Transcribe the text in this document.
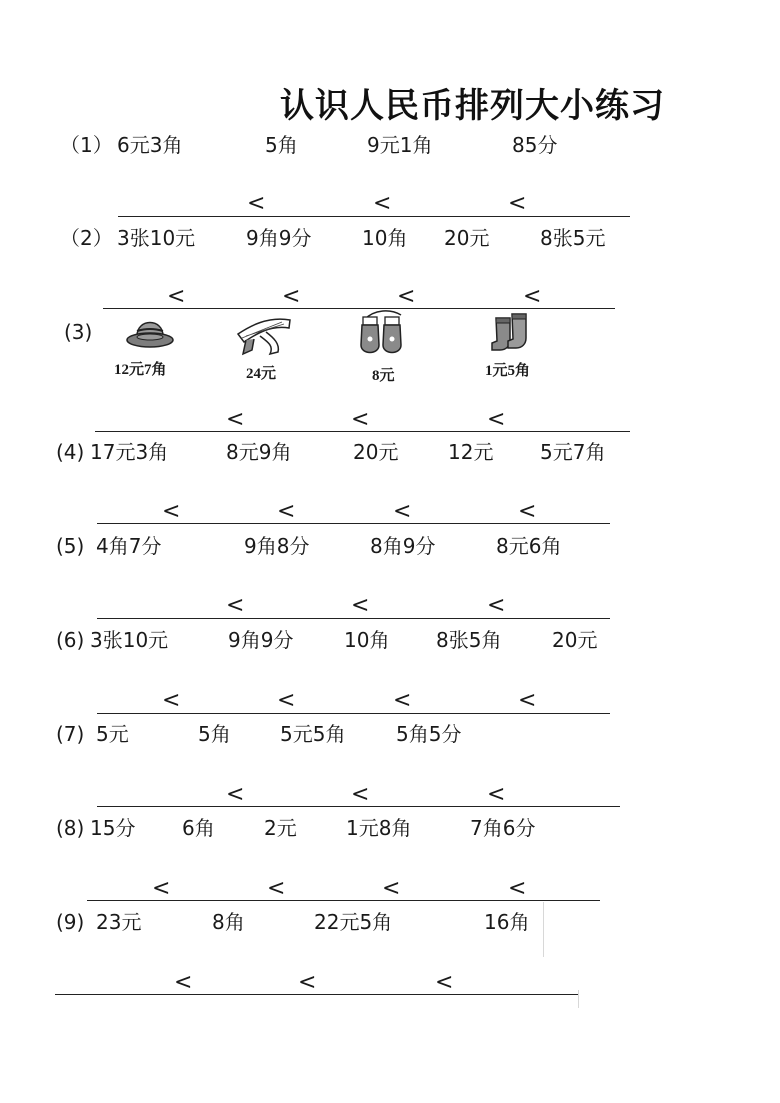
认识人民币排列大小练习
（1） 6元3角	5角	9元1角	85分
<	<	<
（2） 3张10元	9角9分	10角 20元	8张5元
<	<	<	<
(3)
12元7角	24元	8元	1元5角
<	<	<
(4) 17元3角	8元9角	20元 12元 5元7角
<	<	<	<
(5) 4角7分	9角8分	8角9分	8元6角
<	<	<
(6) 3张10元	9角9分	10角 8张5角	20元
<	<	<	<
(7) 5元	5角 5元5角	5角5分
<	<	<
(8) 15分 6角 2元 1元8角	7角6分
<	<	<	<
(9) 23元	8角	22元5角	16角
<	<	<
